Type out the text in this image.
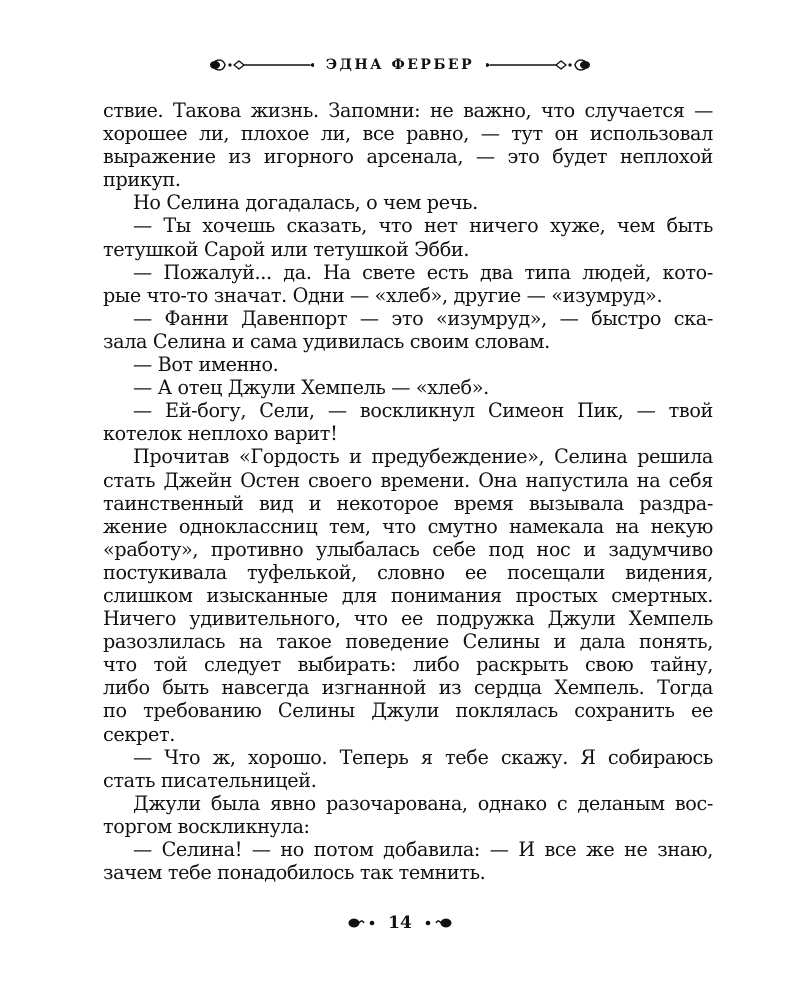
ЭДНА ФЕРБЕР
ствие. Такова жизнь. Запомни: не важно, что случается —
хорошее ли, плохое ли, все равно, — тут он использовал
выражение из игорного арсенала, — это будет неплохой
прикуп.
Но Селина догадалась, о чем речь.
— Ты хочешь сказать, что нет ничего хуже, чем быть
тетушкой Сарой или тетушкой Эбби.
— Пожалуй... да. На свете есть два типа людей, кото-
рые что-то значат. Одни — «хлеб», другие — «изумруд».
— Фанни Давенпорт — это «изумруд», — быстро ска-
зала Селина и сама удивилась своим словам.
— Вот именно.
— А отец Джули Хемпель — «хлеб».
— Ей-богу, Сели, — воскликнул Симеон Пик, — твой
котелок неплохо варит!
Прочитав «Гордость и предубеждение», Селина решила
стать Джейн Остен своего времени. Она напустила на себя
таинственный вид и некоторое время вызывала раздра-
жение одноклассниц тем, что смутно намекала на некую
«работу», противно улыбалась себе под нос и задумчиво
постукивала туфелькой, словно ее посещали видения,
слишком изысканные для понимания простых смертных.
Ничего удивительного, что ее подружка Джули Хемпель
разозлилась на такое поведение Селины и дала понять,
что той следует выбирать: либо раскрыть свою тайну,
либо быть навсегда изгнанной из сердца Хемпель. Тогда
по требованию Селины Джули поклялась сохранить ее
секрет.
— Что ж, хорошо. Теперь я тебе скажу. Я собираюсь
стать писательницей.
Джули была явно разочарована, однако с деланым вос-
торгом воскликнула:
— Селина! — но потом добавила: — И все же не знаю,
зачем тебе понадобилось так темнить.
14
